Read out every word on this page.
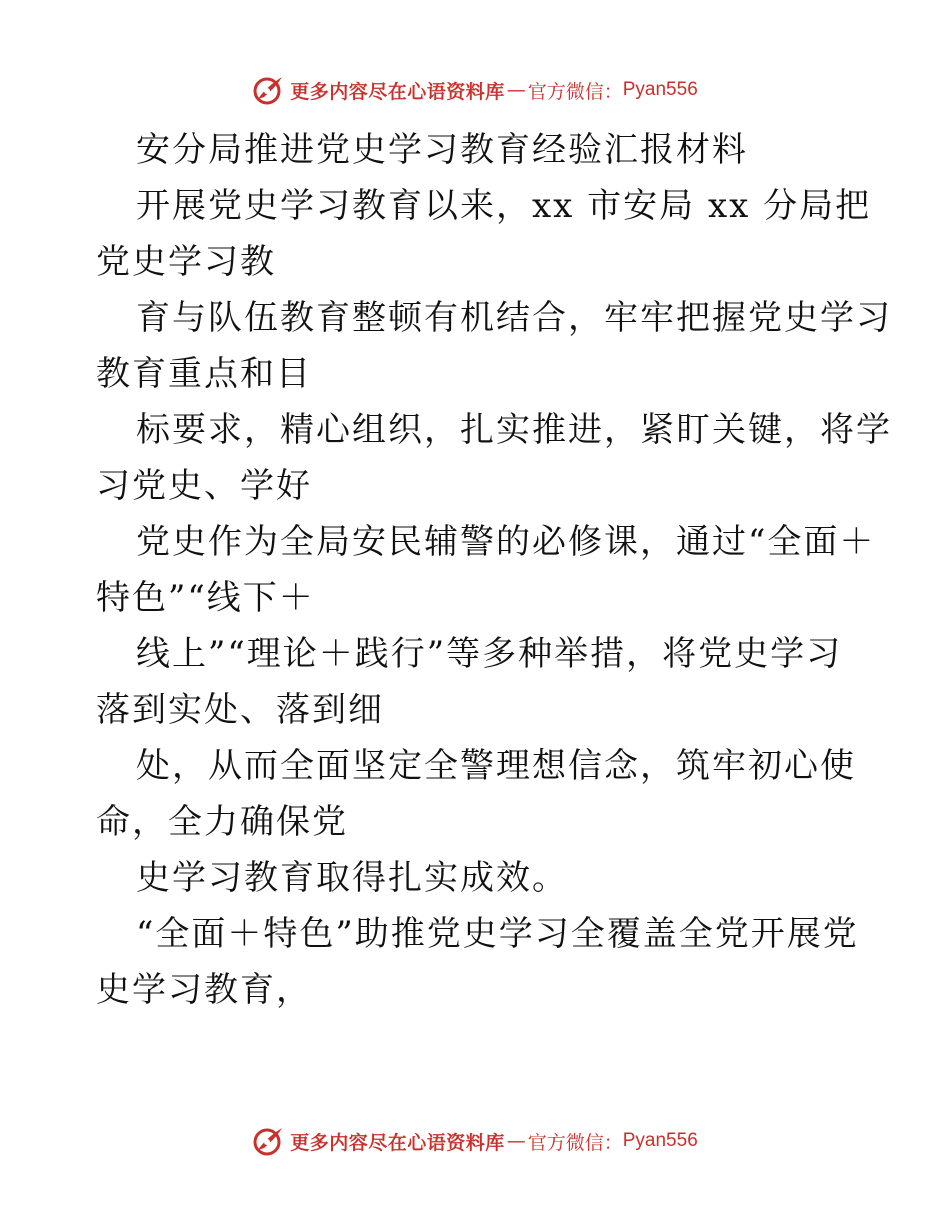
更多内容尽在心语资料库 — 官方微信： Pyan556
安分局推进党史学习教育经验汇报材料
开展党史学习教育以来，xx 市安局 xx 分局把
党史学习教
育与队伍教育整顿有机结合，牢牢把握党史学习
教育重点和目
标要求，精心组织，扎实推进，紧盯关键，将学
习党史、学好
党史作为全局安民辅警的必修课，通过“全面＋
特色”“线下＋
线上”“理论＋践行”等多种举措，将党史学习
落到实处、落到细
处，从而全面坚定全警理想信念，筑牢初心使
命，全力确保党
史学习教育取得扎实成效。
“全面＋特色”助推党史学习全覆盖全党开展党
史学习教育，
更多内容尽在心语资料库 — 官方微信： Pyan556
